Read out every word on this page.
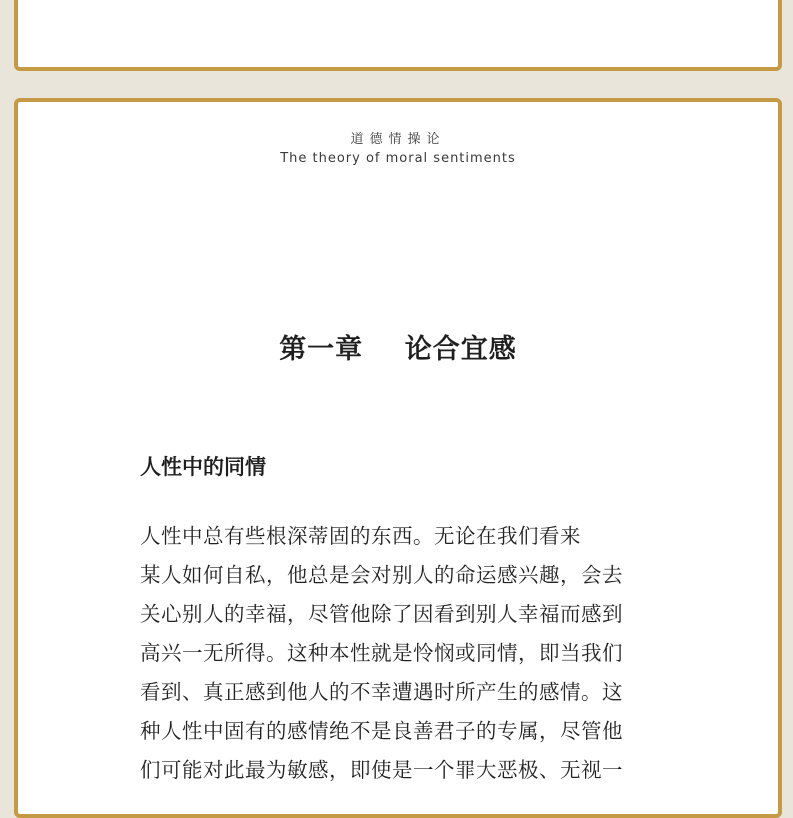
道德情操论
The theory of moral sentiments
第一章    论合宜感
人性中的同情
人性中总有些根深蒂固的东西。无论在我们看来
某人如何自私，他总是会对别人的命运感兴趣，会去
关心别人的幸福，尽管他除了因看到别人幸福而感到
高兴一无所得。这种本性就是怜悯或同情，即当我们
看到、真正感到他人的不幸遭遇时所产生的感情。这
种人性中固有的感情绝不是良善君子的专属，尽管他
们可能对此最为敏感，即使是一个罪大恶极、无视一
